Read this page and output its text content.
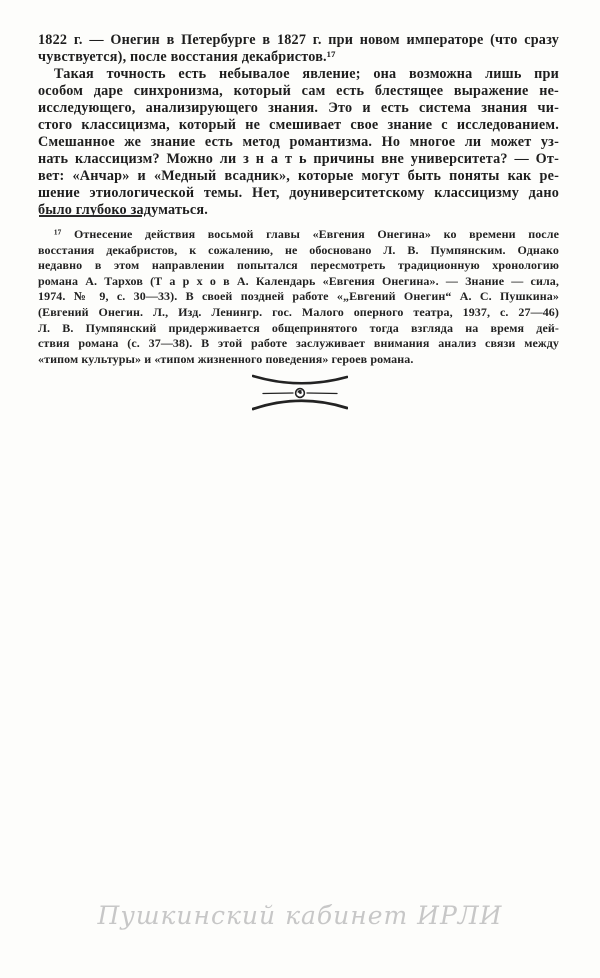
1822 г. — Онегин в Петербурге в 1827 г. при новом императоре (что сразу
чувствуется), после восстания декабристов.¹⁷
Такая точность есть небывалое явление; она возможна лишь при
особом даре синхронизма, который сам есть блестящее выражение не-
исследующего, анализирующего знания. Это и есть система знания чи-
стого классицизма, который не смешивает свое знание с исследованием.
Смешанное же знание есть метод романтизма. Но многое ли может уз-
нать классицизм? Можно ли з н а т ь причины вне университета? — От-
вет: «Анчар» и «Медный всадник», которые могут быть поняты как ре-
шение этиологической темы. Нет, доуниверситетскому классицизму дано
было глубоко задуматься.
¹⁷ Отнесение действия восьмой главы «Евгения Онегина» ко времени после
восстания декабристов, к сожалению, не обосновано Л. В. Пумпянским. Однако
недавно в этом направлении попытался пересмотреть традиционную хронологию
романа А. Тархов (Т а р х о в А. Календарь «Евгения Онегина». — Знание — сила,
1974. № 9, с. 30—33). В своей поздней работе «„Евгений Онегин“ А. С. Пушкина»
(Евгений Онегин. Л., Изд. Ленингр. гос. Малого оперного театра, 1937, с. 27—46)
Л. В. Пумпянский придерживается общепринятого тогда взгляда на время дей-
ствия романа (с. 37—38). В этой работе заслуживает внимания анализ связи между
«типом культуры» и «типом жизненного поведения» героев романа.
Пушкинский кабинет ИРЛИ
